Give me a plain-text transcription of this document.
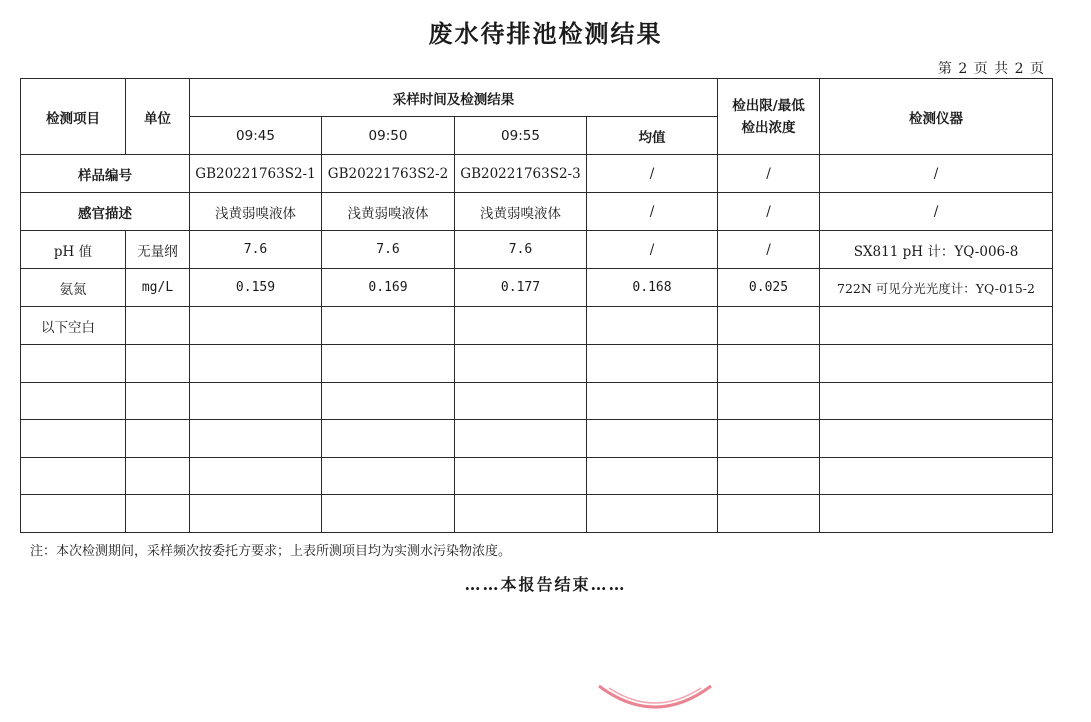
废水待排池检测结果
第 2 页 共 2 页
检测项目	单位	采样时间及检测结果				检出限/最低检出浓度	检测仪器
		09:45	09:50	09:55	均值		
样品编号		GB20221763S2-1	GB20221763S2-2	GB20221763S2-3	/	/	/
感官描述		浅黄弱嗅液体	浅黄弱嗅液体	浅黄弱嗅液体	/	/	/
pH 值	无量纲	7.6	7.6	7.6	/	/	SX811 pH 计：YQ-006-8
氨氮	mg/L	0.159	0.169	0.177	0.168	0.025	722N 可见分光光度计：YQ-015-2
以下空白							

注：本次检测期间，采样频次按委托方要求；上表所测项目均为实测水污染物浓度。
……本报告结束……
